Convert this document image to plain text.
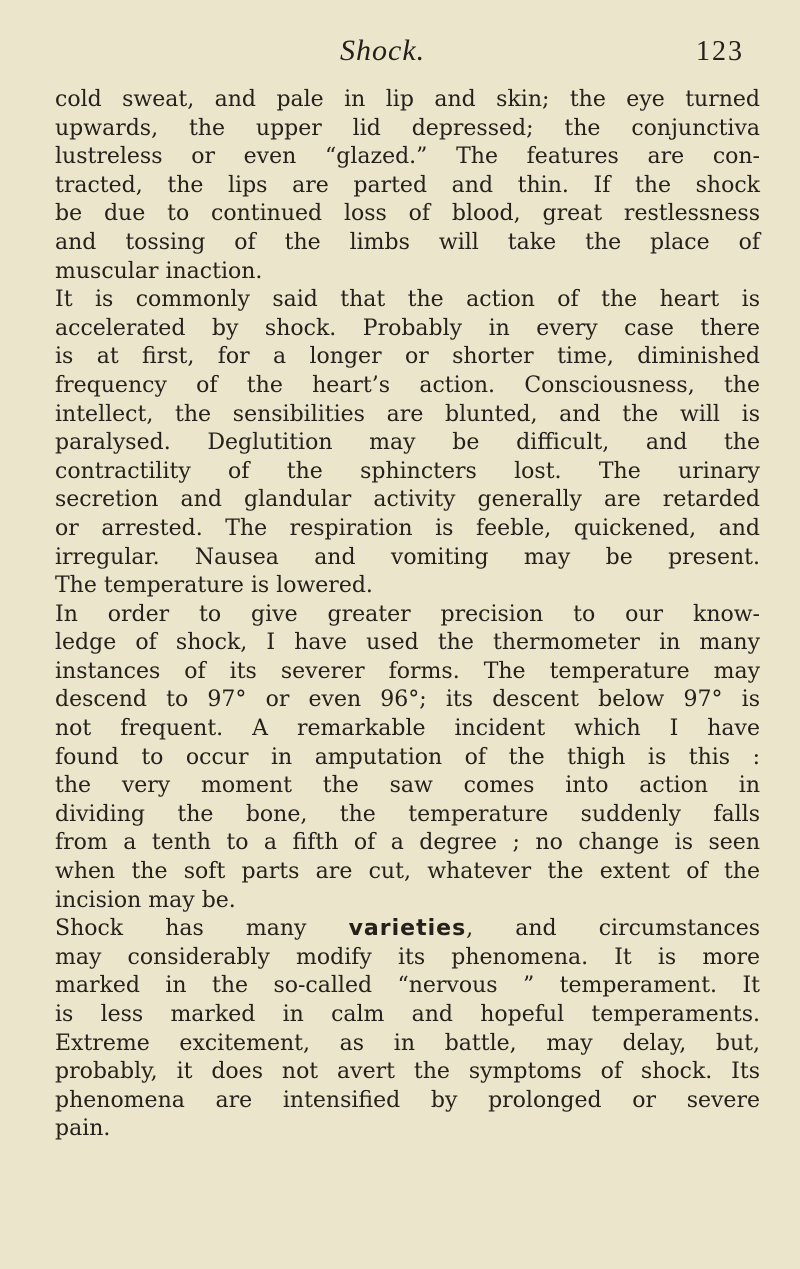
Shock.	123
cold sweat, and pale in lip and skin; the eye turned
upwards, the upper lid depressed; the conjunctiva
lustreless or even “glazed.” The features are con-
tracted, the lips are parted and thin. If the shock
be due to continued loss of blood, great restlessness
and tossing of the limbs will take the place of
muscular inaction.
It is commonly said that the action of the heart is
accelerated by shock. Probably in every case there
is at first, for a longer or shorter time, diminished
frequency of the heart’s action. Consciousness, the
intellect, the sensibilities are blunted, and the will is
paralysed. Deglutition may be difficult, and the
contractility of the sphincters lost. The urinary
secretion and glandular activity generally are retarded
or arrested. The respiration is feeble, quickened, and
irregular. Nausea and vomiting may be present.
The temperature is lowered.
In order to give greater precision to our know-
ledge of shock, I have used the thermometer in many
instances of its severer forms. The temperature may
descend to 97° or even 96°; its descent below 97° is
not frequent. A remarkable incident which I have
found to occur in amputation of the thigh is this :
the very moment the saw comes into action in
dividing the bone, the temperature suddenly falls
from a tenth to a fifth of a degree ; no change is seen
when the soft parts are cut, whatever the extent of the
incision may be.
Shock has many varieties, and circumstances
may considerably modify its phenomena. It is more
marked in the so-called “nervous ” temperament. It
is less marked in calm and hopeful temperaments.
Extreme excitement, as in battle, may delay, but,
probably, it does not avert the symptoms of shock. Its
phenomena are intensified by prolonged or severe
pain.
